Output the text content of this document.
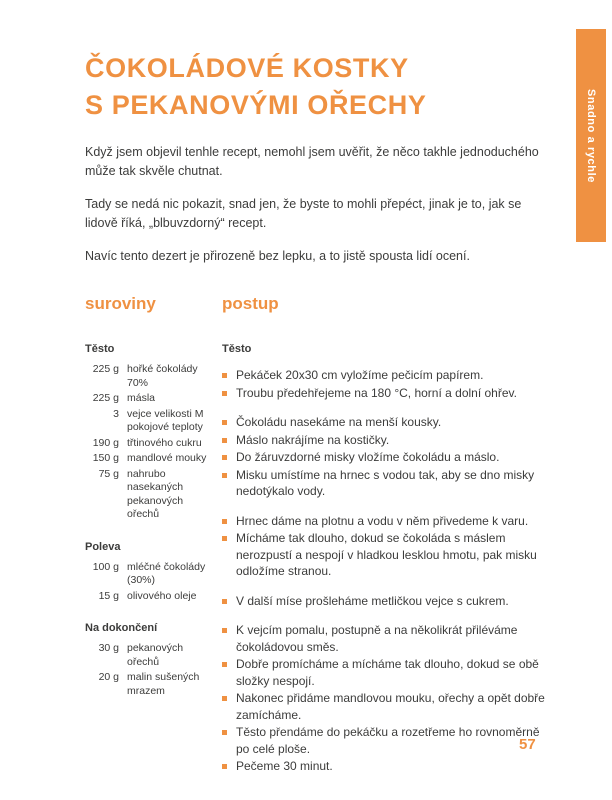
Snadno a rychle
ČOKOLÁDOVÉ KOSTKY
S PEKANOVÝMI OŘECHY

Když jsem objevil tenhle recept, nemohl jsem uvěřit, že něco takhle jednoduchého může tak skvěle chutnat.

Tady se nedá nic pokazit, snad jen, že byste to mohli přepéct, jinak je to, jak se lidově říká, „blbuvzdorný“ recept.

Navíc tento dezert je přirozeně bez lepku, a to jistě spousta lidí ocení.

suroviny
Těsto
225 g hořké čokolády 70%
225 g másla
3 vejce velikosti M pokojové teploty
190 g třtinového cukru
150 g mandlové mouky
75 g nahrubo nasekaných pekanových ořechů
Poleva
100 g mléčné čokolády (30%)
15 g olivového oleje
Na dokončení
30 g pekanových ořechů
20 g malin sušených mrazem
postup
Těsto
Pekáček 20x30 cm vyložíme pečicím papírem.
Troubu předehřejeme na 180 °C, horní a dolní ohřev.
Čokoládu nasekáme na menší kousky.
Máslo nakrájíme na kostičky.
Do žáruvzdorné misky vložíme čokoládu a máslo.
Misku umístíme na hrnec s vodou tak, aby se dno misky nedotýkalo vody.
Hrnec dáme na plotnu a vodu v něm přivedeme k varu.
Mícháme tak dlouho, dokud se čokoláda s máslem nerozpustí a nespojí v hladkou lesklou hmotu, pak misku odložíme stranou.
V další míse prošleháme metličkou vejce s cukrem.
K vejcím pomalu, postupně a na několikrát přiléváme čokoládovou směs.
Dobře promícháme a mícháme tak dlouho, dokud se obě složky nespojí.
Nakonec přidáme mandlovou mouku, ořechy a opět dobře zamícháme.
Těsto přendáme do pekáčku a rozetřeme ho rovnoměrně po celé ploše.
Pečeme 30 minut.
57
